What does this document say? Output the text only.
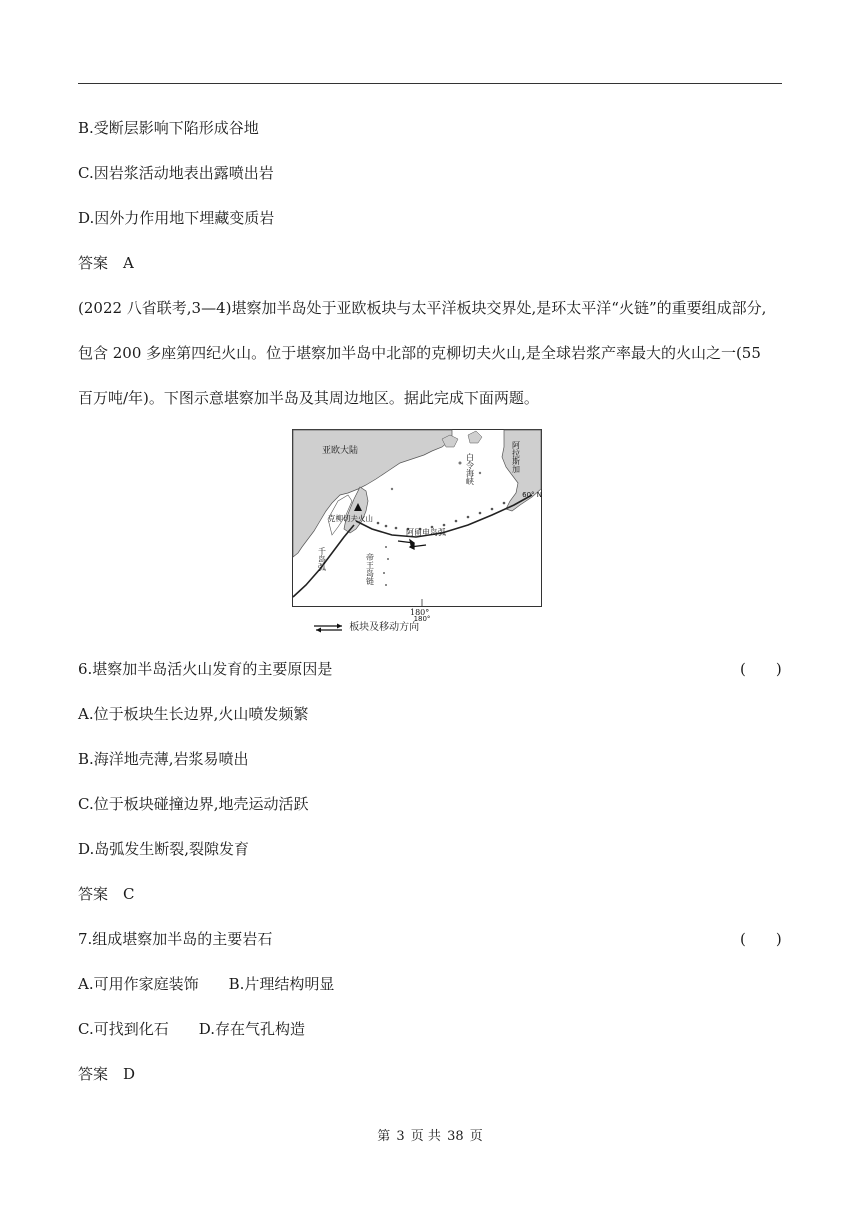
B.受断层影响下陷形成谷地
C.因岩浆活动地表出露喷出岩
D.因外力作用地下埋藏变质岩
答案　A
(2022 八省联考,3—4)堪察加半岛处于亚欧板块与太平洋板块交界处,是环太平洋“火链”的重要组成部分,
包含 200 多座第四纪火山。位于堪察加半岛中北部的克柳切夫火山,是全球岩浆产率最大的火山之一(55
百万吨/年)。下图示意堪察加半岛及其周边地区。据此完成下面两题。
亚欧大陆
白令海峡	阿拉斯加
60° N
克柳切夫火山
阿留申岛弧
千岛弧	帝王岛链
180°
180°
板块及移动方向
6.堪察加半岛活火山发育的主要原因是	(　　)
A.位于板块生长边界,火山喷发频繁
B.海洋地壳薄,岩浆易喷出
C.位于板块碰撞边界,地壳运动活跃
D.岛弧发生断裂,裂隙发育
答案　C
7.组成堪察加半岛的主要岩石	(　　)
A.可用作家庭装饰　　B.片理结构明显
C.可找到化石　　D.存在气孔构造
答案　D
第 3 页 共 38 页
